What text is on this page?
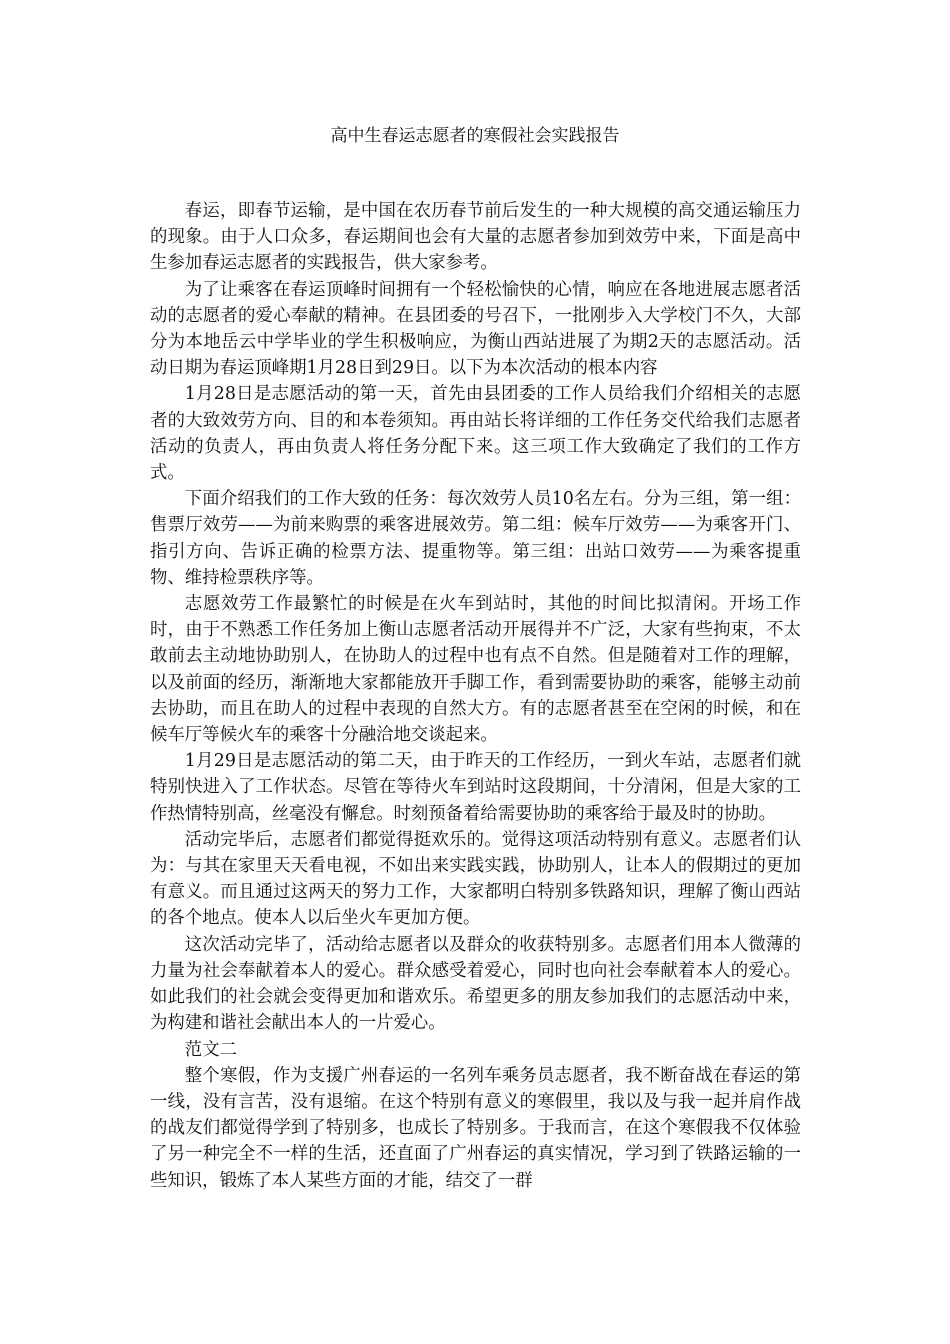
高中生春运志愿者的寒假社会实践报告

春运，即春节运输，是中国在农历春节前后发生的一种大规模的高交通运输压力的现象。由于人口众多，春运期间也会有大量的志愿者参加到效劳中来，下面是高中生参加春运志愿者的实践报告，供大家参考。

为了让乘客在春运顶峰时间拥有一个轻松愉快的心情，响应在各地进展志愿者活动的志愿者的爱心奉献的精神。在县团委的号召下，一批刚步入大学校门不久，大部分为本地岳云中学毕业的学生积极响应，为衡山西站进展了为期2天的志愿活动。活动日期为春运顶峰期1月28日到29日。以下为本次活动的根本内容

1月28日是志愿活动的第一天，首先由县团委的工作人员给我们介绍相关的志愿者的大致效劳方向、目的和本卷须知。再由站长将详细的工作任务交代给我们志愿者活动的负责人，再由负责人将任务分配下来。这三项工作大致确定了我们的工作方式。

下面介绍我们的工作大致的任务：每次效劳人员10名左右。分为三组，第一组：售票厅效劳——为前来购票的乘客进展效劳。第二组：候车厅效劳——为乘客开门、指引方向、告诉正确的检票方法、提重物等。第三组：出站口效劳——为乘客提重物、维持检票秩序等。

志愿效劳工作最繁忙的时候是在火车到站时，其他的时间比拟清闲。开场工作时，由于不熟悉工作任务加上衡山志愿者活动开展得并不广泛，大家有些拘束，不太敢前去主动地协助别人，在协助人的过程中也有点不自然。但是随着对工作的理解，以及前面的经历，渐渐地大家都能放开手脚工作，看到需要协助的乘客，能够主动前去协助，而且在助人的过程中表现的自然大方。有的志愿者甚至在空闲的时候，和在候车厅等候火车的乘客十分融洽地交谈起来。

1月29日是志愿活动的第二天，由于昨天的工作经历，一到火车站，志愿者们就特别快进入了工作状态。尽管在等待火车到站时这段期间，十分清闲，但是大家的工作热情特别高，丝毫没有懈怠。时刻预备着给需要协助的乘客给于最及时的协助。

活动完毕后，志愿者们都觉得挺欢乐的。觉得这项活动特别有意义。志愿者们认为：与其在家里天天看电视，不如出来实践实践，协助别人，让本人的假期过的更加有意义。而且通过这两天的努力工作，大家都明白特别多铁路知识，理解了衡山西站的各个地点。使本人以后坐火车更加方便。

这次活动完毕了，活动给志愿者以及群众的收获特别多。志愿者们用本人微薄的力量为社会奉献着本人的爱心。群众感受着爱心，同时也向社会奉献着本人的爱心。如此我们的社会就会变得更加和谐欢乐。希望更多的朋友参加我们的志愿活动中来，为构建和谐社会献出本人的一片爱心。

范文二

整个寒假，作为支援广州春运的一名列车乘务员志愿者，我不断奋战在春运的第一线，没有言苦，没有退缩。在这个特别有意义的寒假里，我以及与我一起并肩作战的战友们都觉得学到了特别多，也成长了特别多。于我而言，在这个寒假我不仅体验了另一种完全不一样的生活，还直面了广州春运的真实情况，学习到了铁路运输的一些知识，锻炼了本人某些方面的才能，结交了一群
